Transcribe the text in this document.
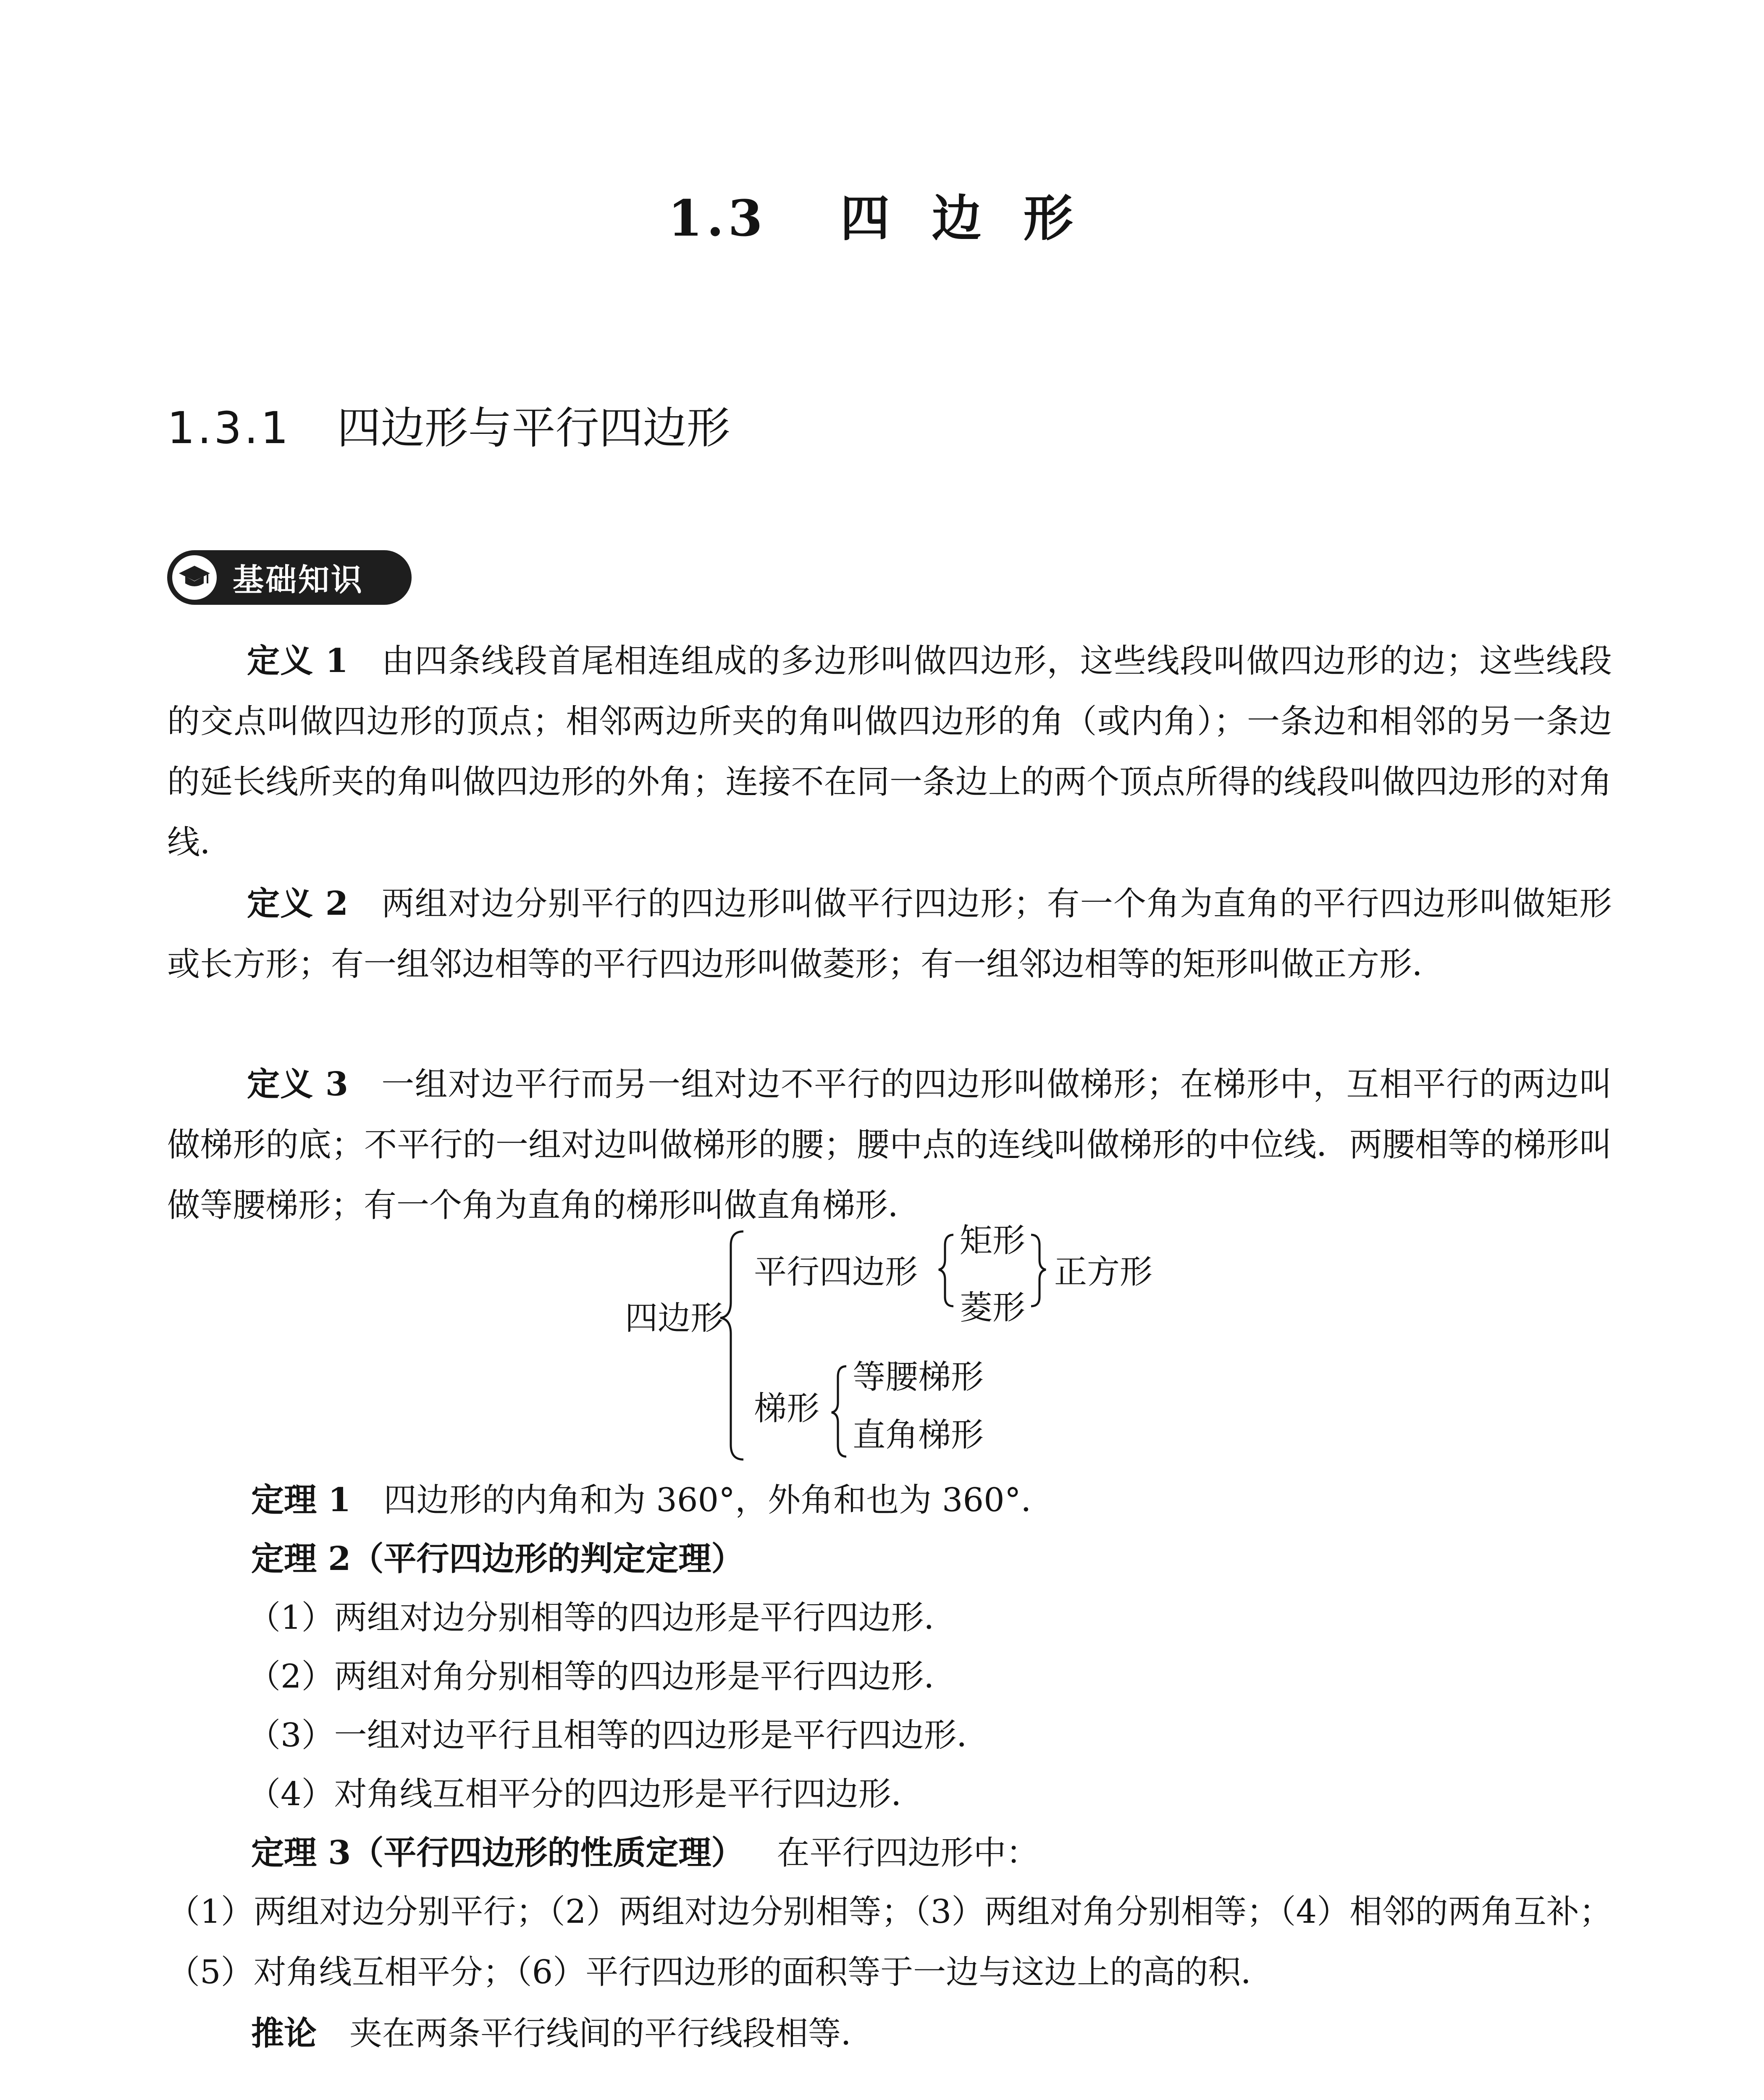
1.3 四 边 形
1.3.1 四边形与平行四边形
基础知识

定义 1 由四条线段首尾相连组成的多边形叫做四边形，这些线段叫做四边形的边；这些线段的交点叫做四边形的顶点；相邻两边所夹的角叫做四边形的角（或内角）；一条边和相邻的另一条边的延长线所夹的角叫做四边形的外角；连接不在同一条边上的两个顶点所得的线段叫做四边形的对角线．

定义 2 两组对边分别平行的四边形叫做平行四边形；有一个角为直角的平行四边形叫做矩形或长方形；有一组邻边相等的平行四边形叫做菱形；有一组邻边相等的矩形叫做正方形．

定义 3 一组对边平行而另一组对边不平行的四边形叫做梯形；在梯形中，互相平行的两边叫做梯形的底；不平行的一组对边叫做梯形的腰；腰中点的连线叫做梯形的中位线．两腰相等的梯形叫做等腰梯形；有一个角为直角的梯形叫做直角梯形．

四边形
平行四边形
矩形
菱形
正方形
梯形
等腰梯形
直角梯形
定理 1 四边形的内角和为 360°，外角和也为 360°．
定理 2（平行四边形的判定定理）
（1）两组对边分别相等的四边形是平行四边形．
（2）两组对角分别相等的四边形是平行四边形．
（3）一组对边平行且相等的四边形是平行四边形．
（4）对角线互相平分的四边形是平行四边形．
定理 3（平行四边形的性质定理） 在平行四边形中：

（1）两组对边分别平行；（2）两组对边分别相等；（3）两组对角分别相等；（4）相邻的两角互补；（5）对角线互相平分；（6）平行四边形的面积等于一边与这边上的高的积．

推论 夹在两条平行线间的平行线段相等．
